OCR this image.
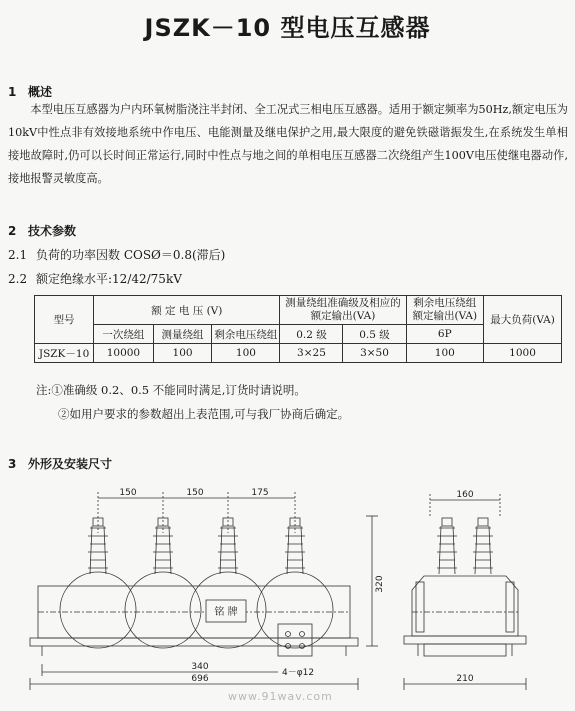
JSZK－10 型电压互感器
1 概述
本型电压互感器为户内环氧树脂浇注半封闭、全工况式三相电压互感器。适用于额定频率为50Hz,额定电压为10kV中性点非有效接地系统中作电压、电能测量及继电保护之用,最大限度的避免铁磁谐振发生,在系统发生单相接地故障时,仍可以长时间正常运行,同时中性点与地之间的单相电压互感器二次绕组产生100V电压使继电器动作,接地报警灵敏度高。
2 技术参数
2.1 负荷的功率因数 COSØ＝0.8(滞后)
2.2 额定绝缘水平:12/42/75kV
型号	额 定 电 压 (V)			测量绕组准确级及相应的额定输出(VA)		剩余电压绕组额定输出(VA)	最大负荷(VA)
	一次绕组	测量绕组	剩余电压绕组	0.2 级	0.5 级	6P	
JSZK－10	10000	100	100	3×25	3×50	100	1000
注:①准确级 0.2、0.5 不能同时满足,订货时请说明。
②如用户要求的参数超出上表范围,可与我厂协商后确定。
3 外形及安装尺寸
150	150	175
铭 牌
320
340
4－φ12
696
160
210
www.91wav.com
